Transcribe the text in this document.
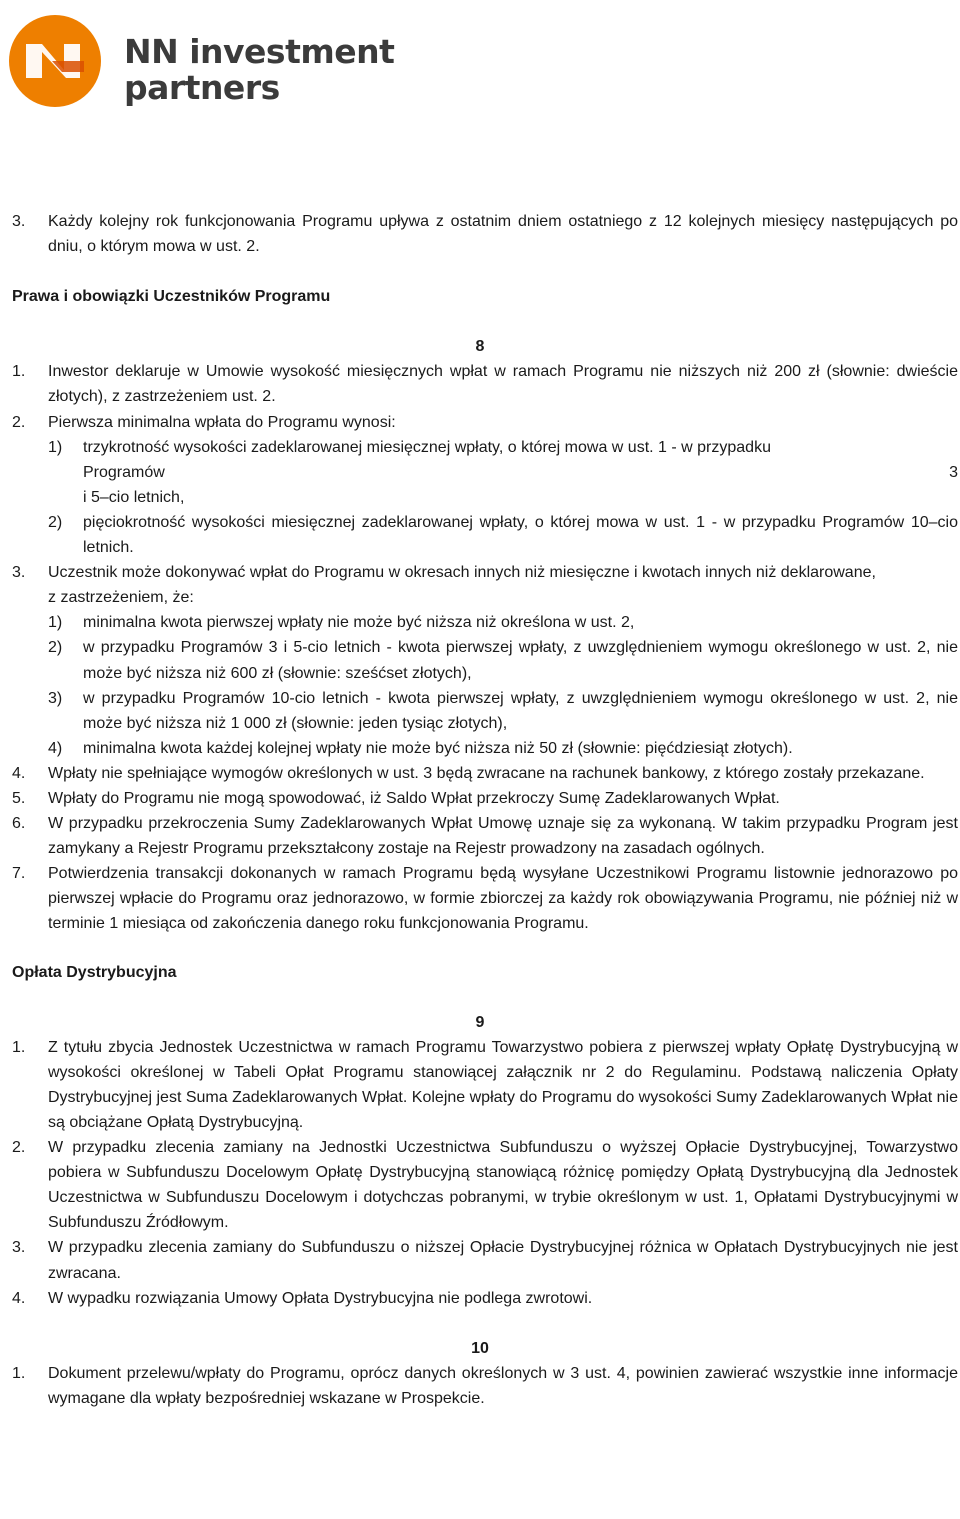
NN investment
partners
3.	Każdy kolejny rok funkcjonowania Programu upływa z ostatnim dniem ostatniego z 12 kolejnych miesięcy następujących po dniu, o którym mowa w ust. 2.
Prawa i obowiązki Uczestników Programu
8
1.	Inwestor deklaruje w Umowie wysokość miesięcznych wpłat w ramach Programu nie niższych niż 200 zł (słownie: dwieście złotych), z zastrzeżeniem ust. 2.
2.	Pierwsza minimalna wpłata do Programu wynosi:
1)	trzykrotność wysokości zadeklarowanej miesięcznej wpłaty, o której mowa w ust. 1 - w przypadku
Programów	3
i 5–cio letnich,
2)	pięciokrotność wysokości miesięcznej zadeklarowanej wpłaty, o której mowa w ust. 1 - w przypadku Programów 10–cio letnich.
3.	Uczestnik może dokonywać wpłat do Programu w okresach innych niż miesięczne i kwotach innych niż deklarowane,
z zastrzeżeniem, że:
1)	minimalna kwota pierwszej wpłaty nie może być niższa niż określona w ust. 2,
2)	w przypadku Programów 3 i 5-cio letnich - kwota pierwszej wpłaty, z uwzględnieniem wymogu określonego w ust. 2, nie może być niższa niż 600 zł (słownie: sześćset złotych),
3)	w przypadku Programów 10-cio letnich - kwota pierwszej wpłaty, z uwzględnieniem wymogu określonego w ust. 2, nie może być niższa niż 1 000 zł (słownie: jeden tysiąc złotych),
4)	minimalna kwota każdej kolejnej wpłaty nie może być niższa niż 50 zł (słownie: pięćdziesiąt złotych).
4.	Wpłaty nie spełniające wymogów określonych w ust. 3 będą zwracane na rachunek bankowy, z którego zostały przekazane.
5.	Wpłaty do Programu nie mogą spowodować, iż Saldo Wpłat przekroczy Sumę Zadeklarowanych Wpłat.
6.	W przypadku przekroczenia Sumy Zadeklarowanych Wpłat Umowę uznaje się za wykonaną. W takim przypadku Program jest zamykany a Rejestr Programu przekształcony zostaje na Rejestr prowadzony na zasadach ogólnych.
7.	Potwierdzenia transakcji dokonanych w ramach Programu będą wysyłane Uczestnikowi Programu listownie jednorazowo po pierwszej wpłacie do Programu oraz jednorazowo, w formie zbiorczej za każdy rok obowiązywania Programu, nie później niż w terminie 1 miesiąca od zakończenia danego roku funkcjonowania Programu.
Opłata Dystrybucyjna
9
1.	Z tytułu zbycia Jednostek Uczestnictwa w ramach Programu Towarzystwo pobiera z pierwszej wpłaty Opłatę Dystrybucyjną w wysokości określonej w Tabeli Opłat Programu stanowiącej załącznik nr 2 do Regulaminu. Podstawą naliczenia Opłaty Dystrybucyjnej jest Suma Zadeklarowanych Wpłat. Kolejne wpłaty do Programu do wysokości Sumy Zadeklarowanych Wpłat nie są obciążane Opłatą Dystrybucyjną.
2.	W przypadku zlecenia zamiany na Jednostki Uczestnictwa Subfunduszu o wyższej Opłacie Dystrybucyjnej, Towarzystwo pobiera w Subfunduszu Docelowym Opłatę Dystrybucyjną stanowiącą różnicę pomiędzy Opłatą Dystrybucyjną dla Jednostek Uczestnictwa w Subfunduszu Docelowym i dotychczas pobranymi, w trybie określonym w ust. 1, Opłatami Dystrybucyjnymi w Subfunduszu Źródłowym.
3.	W przypadku zlecenia zamiany do Subfunduszu o niższej Opłacie Dystrybucyjnej różnica w Opłatach Dystrybucyjnych nie jest zwracana.
4.	W wypadku rozwiązania Umowy Opłata Dystrybucyjna nie podlega zwrotowi.
10
1.	Dokument przelewu/wpłaty do Programu, oprócz danych określonych w 3 ust. 4, powinien zawierać wszystkie inne informacje wymagane dla wpłaty bezpośredniej wskazane w Prospekcie.
